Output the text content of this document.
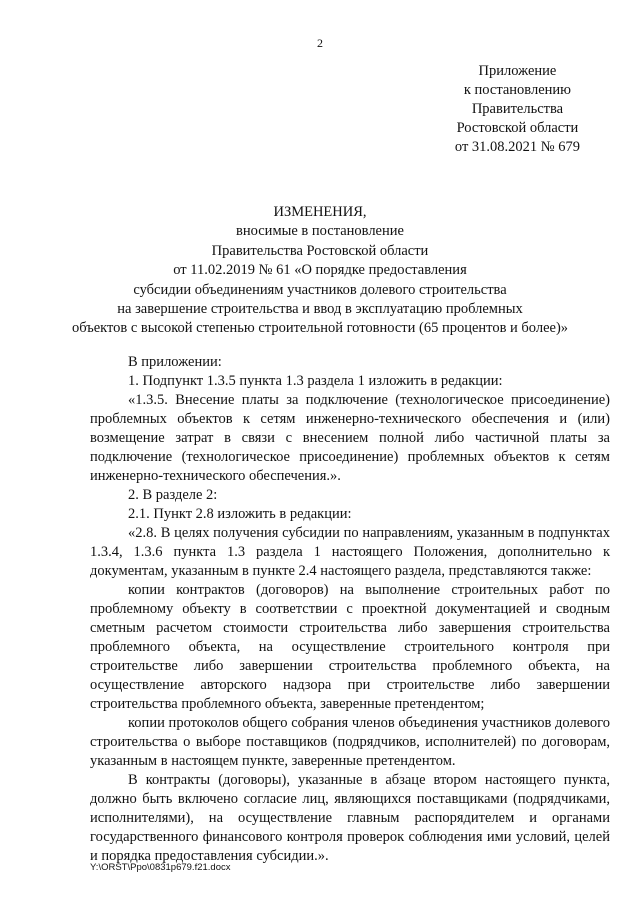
2
Приложение
к постановлению
Правительства
Ростовской области
от 31.08.2021 № 679
ИЗМЕНЕНИЯ,
вносимые в постановление
Правительства Ростовской области
от 11.02.2019 № 61 «О порядке предоставления
субсидии объединениям участников долевого строительства
на завершение строительства и ввод в эксплуатацию проблемных
объектов с высокой степенью строительной готовности (65 процентов и более)»

В приложении:

1. Подпункт 1.3.5 пункта 1.3 раздела 1 изложить в редакции:

«1.3.5. Внесение платы за подключение (технологическое присоединение) проблемных объектов к сетям инженерно-технического обеспечения и (или) возмещение затрат в связи с внесением полной либо частичной платы за подключение (технологическое присоединение) проблемных объектов к сетям инженерно-технического обеспечения.».

2. В разделе 2:

2.1. Пункт 2.8 изложить в редакции:

«2.8. В целях получения субсидии по направлениям, указанным в подпунктах 1.3.4, 1.3.6 пункта 1.3 раздела 1 настоящего Положения, дополнительно к документам, указанным в пункте 2.4 настоящего раздела, представляются также:

копии контрактов (договоров) на выполнение строительных работ по проблемному объекту в соответствии с проектной документацией и сводным сметным расчетом стоимости строительства либо завершения строительства проблемного объекта, на осуществление строительного контроля при строительстве либо завершении строительства проблемного объекта, на осуществление авторского надзора при строительстве либо завершении строительства проблемного объекта, заверенные претендентом;

копии протоколов общего собрания членов объединения участников долевого строительства о выборе поставщиков (подрядчиков, исполнителей) по договорам, указанным в настоящем пункте, заверенные претендентом.

В контракты (договоры), указанные в абзаце втором настоящего пункта, должно быть включено согласие лиц, являющихся поставщиками (подрядчиками, исполнителями), на осуществление главным распорядителем и органами государственного финансового контроля проверок соблюдения ими условий, целей и порядка предоставления субсидии.».

Y:\ORST\Ppo\0831p679.f21.docx
